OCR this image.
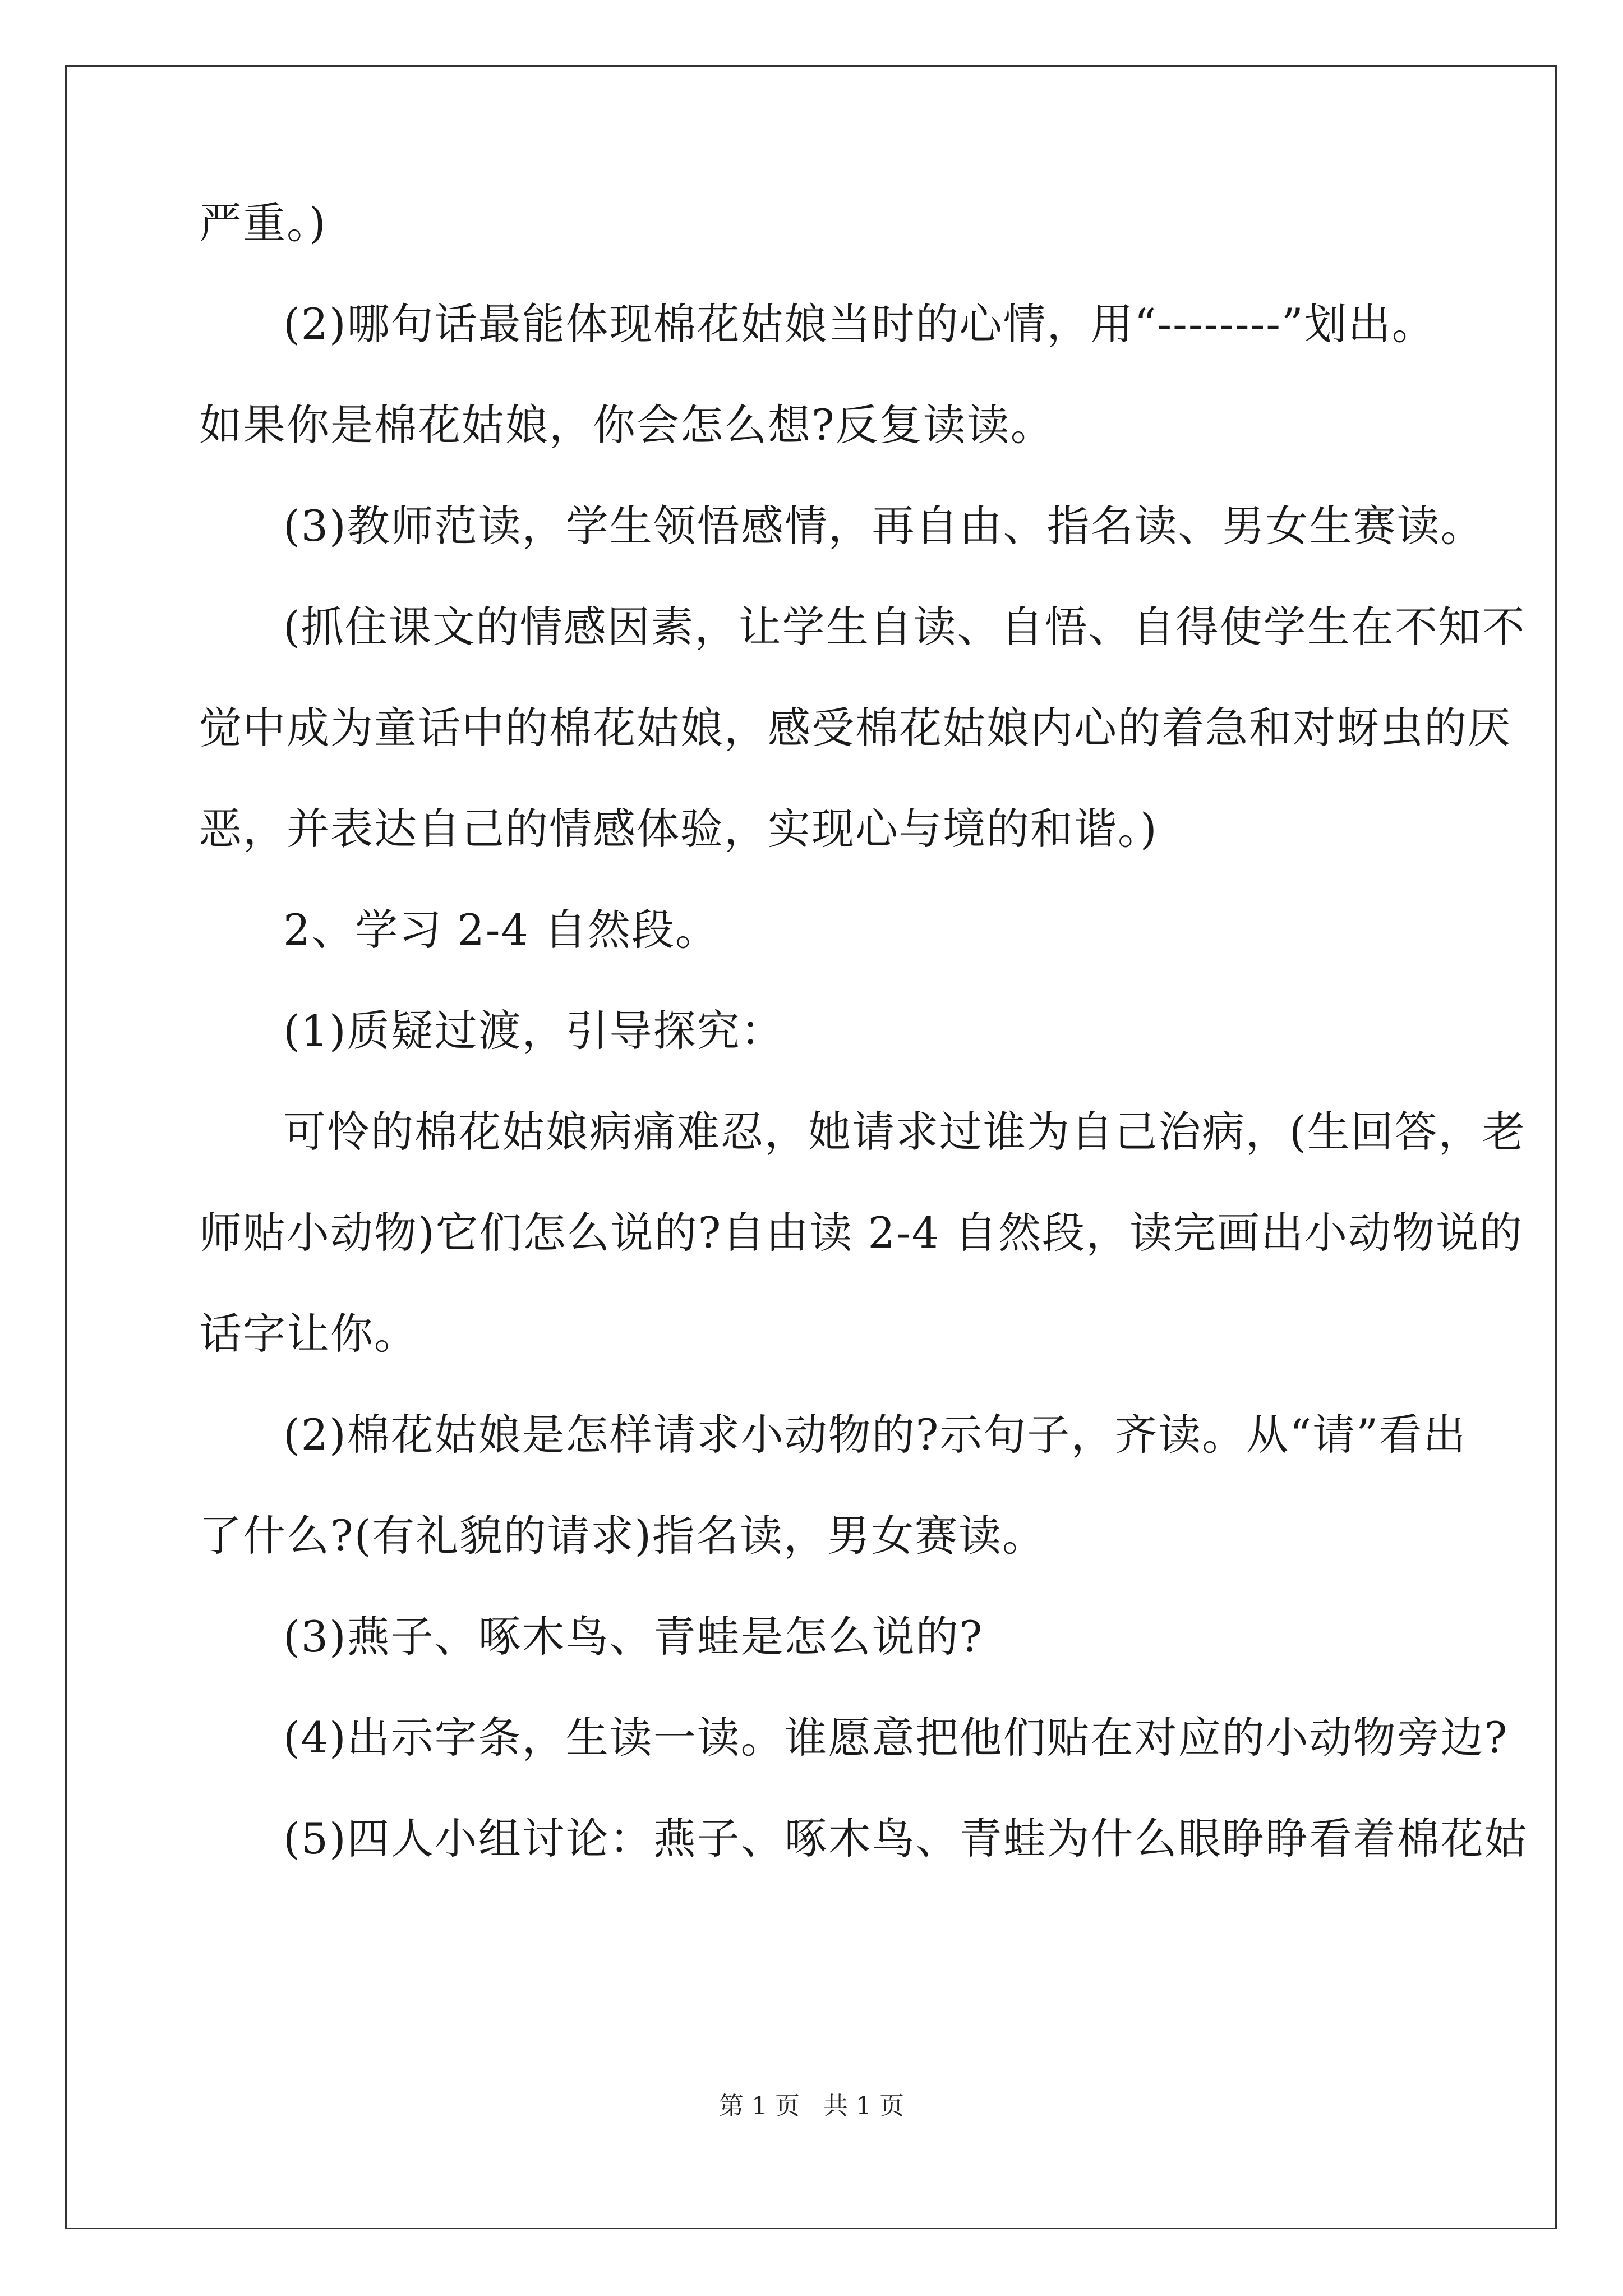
严重。)
(2)哪句话最能体现棉花姑娘当时的心情，用“--------”划出。
如果你是棉花姑娘，你会怎么想?反复读读。
(3)教师范读，学生领悟感情，再自由、指名读、男女生赛读。
(抓住课文的情感因素，让学生自读、自悟、自得使学生在不知不
觉中成为童话中的棉花姑娘，感受棉花姑娘内心的着急和对蚜虫的厌
恶，并表达自己的情感体验，实现心与境的和谐。)
2、学习 2-4 自然段。
(1)质疑过渡，引导探究：
可怜的棉花姑娘病痛难忍，她请求过谁为自己治病，(生回答，老
师贴小动物)它们怎么说的?自由读 2-4 自然段，读完画出小动物说的
话字让你。
(2)棉花姑娘是怎样请求小动物的?示句子，齐读。从“请”看出
了什么?(有礼貌的请求)指名读，男女赛读。
(3)燕子、啄木鸟、青蛙是怎么说的?
(4)出示字条，生读一读。谁愿意把他们贴在对应的小动物旁边?
(5)四人小组讨论：燕子、啄木鸟、青蛙为什么眼睁睁看着棉花姑
第 1 页   共 1 页
